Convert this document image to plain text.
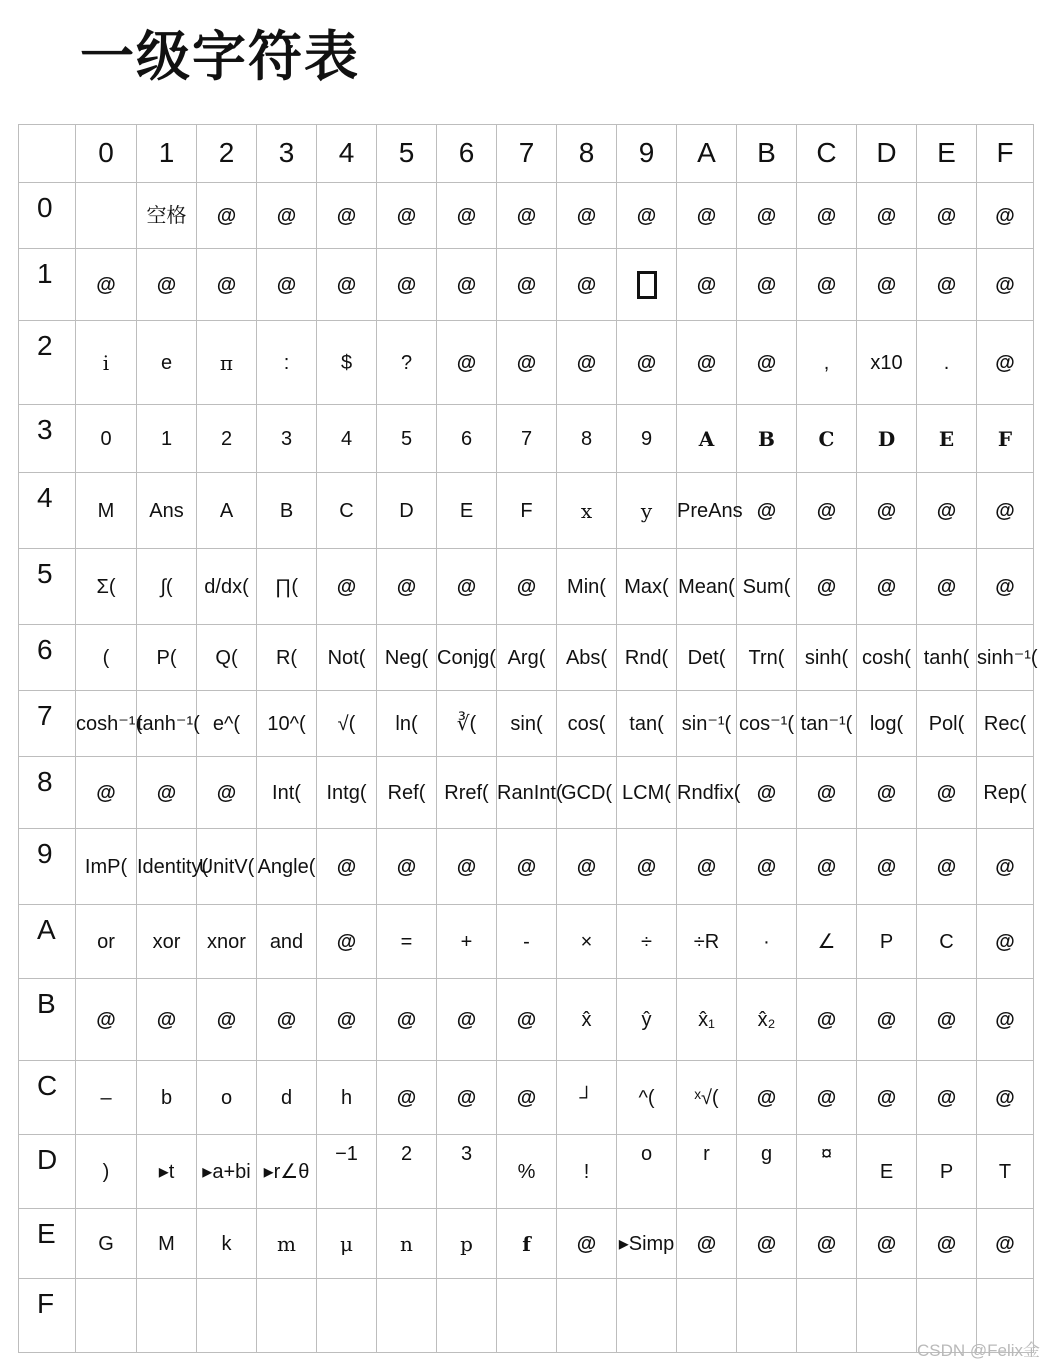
一级字符表
	0	1	2	3	4	5	6	7	8	9	A	B	C	D	E	F
0		空格	@	@	@	@	@	@	@	@	@	@	@	@	@	@
1	@	@	@	@	@	@	@	@	@		@	@	@	@	@	@
2	i	e	π	:	$	?	@	@	@	@	@	@	,	x10	.	@
3	0	1	2	3	4	5	6	7	8	9	A	B	C	D	E	F
4	M	Ans	A	B	C	D	E	F	x	y	PreAns	@	@	@	@	@
5	Σ(	∫(	d/dx(	∏(	@	@	@	@	Min(	Max(	Mean(	Sum(	@	@	@	@
6	(	P(	Q(	R(	Not(	Neg(	Conjg(	Arg(	Abs(	Rnd(	Det(	Trn(	sinh(	cosh(	tanh(	sinh⁻¹(
7	cosh⁻¹(	tanh⁻¹(	e^(	10^(	√(	ln(	∛(	sin(	cos(	tan(	sin⁻¹(	cos⁻¹(	tan⁻¹(	log(	Pol(	Rec(
8	@	@	@	Int(	Intg(	Ref(	Rref(	RanInt(	GCD(	LCM(	Rndfix(	@	@	@	@	Rep(
9	ImP(	Identity(	UnitV(	Angle(	@	@	@	@	@	@	@	@	@	@	@	@
A	or	xor	xnor	and	@	=	+	-	×	÷	÷R	·	∠	P	C	@
B	@	@	@	@	@	@	@	@	x̂	ŷ	x̂₁	x̂₂	@	@	@	@
C	–	b	o	d	h	@	@	@	┘	^(	ˣ√(	@	@	@	@	@
D	)	▸t	▸a+bi	▸r∠θ	−1	2	3	%	!	o	r	g	¤	E	P	T
E	G	M	k	m	μ	n	p	f	@	▸Simp	@	@	@	@	@	@
F																
CSDN @Felix金
